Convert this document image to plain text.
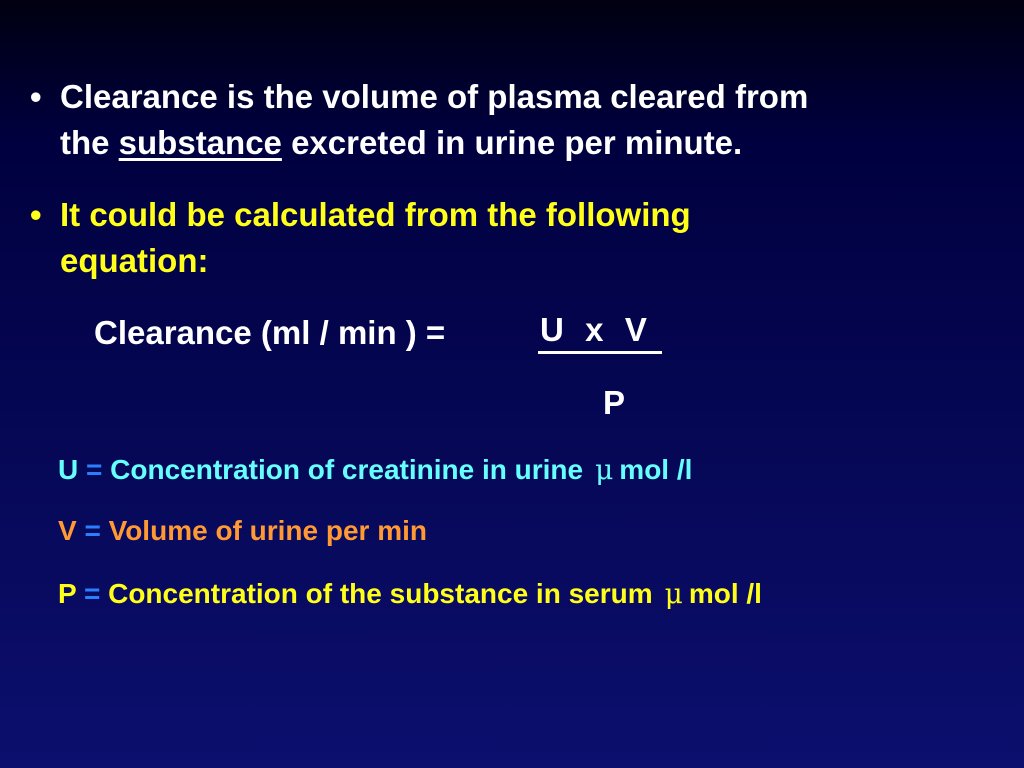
• Clearance is the volume of plasma cleared from
the substance excreted in urine per minute.
• It could be calculated from the following
equation:
Clearance (ml / min ) =	U  x  V
P
U = Concentration of creatinine in urine μ mol /l
V = Volume of urine per min
P = Concentration of the substance in serum μ mol /l
